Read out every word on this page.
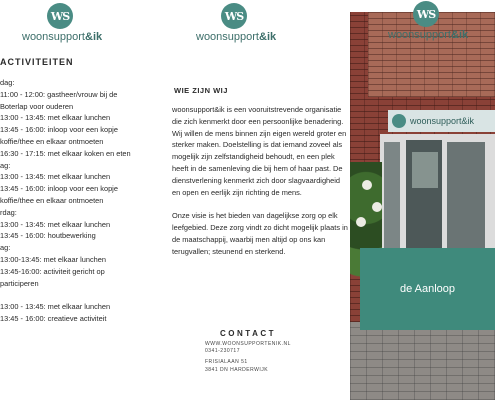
WS
woonsupport&ik
WS
woonsupport&ik
ACTIVITEITEN
dag:
11:00 - 12:00: gastheer/vrouw bij de
Boterlap voor ouderen
13:00 - 13:45: met elkaar lunchen
13:45 - 16:00: inloop voor een kopje
koffie/thee en elkaar ontmoeten
16:30 - 17:15: met elkaar koken en eten
ag:
13:00 - 13:45: met elkaar lunchen
13:45 - 16:00: inloop voor een kopje
koffie/thee en elkaar ontmoeten
rdag:
13:00 - 13:45: met elkaar lunchen
13:45 - 16:00: houtbewerking
ag:
13:00-13:45: met elkaar lunchen
13:45-16:00: activiteit gericht op
participeren
13:00 - 13:45: met elkaar lunchen
13:45 - 16:00: creatieve activiteit
WIE ZIJN WIJ

woonsupport&ik is een vooruitstrevende organisatie die zich kenmerkt door een persoonlijke benadering. Wij willen de mens binnen zijn eigen wereld groter en sterker maken. Doelstelling is dat iemand zoveel als mogelijk zijn zelfstandigheid behoudt, en een plek heeft in de samenleving die bij hem of haar past. De dienstverlening kenmerkt zich door slagvaardigheid en open en eerlijk zijn richting de mens.

Onze visie is het bieden van dagelijkse zorg op elk leefgebied. Deze zorg vindt zo dicht mogelijk plaats in de maatschappij, waarbij men altijd op ons kan terugvallen; steunend en sterkend.

CONTACT
WWW.WOONSUPPORTENIK.NL
0341-230717
FRISIALAAN 51
3841 DN HARDERWIJK
woonsupport&ik
WS
woonsupport&ik
de Aanloop
